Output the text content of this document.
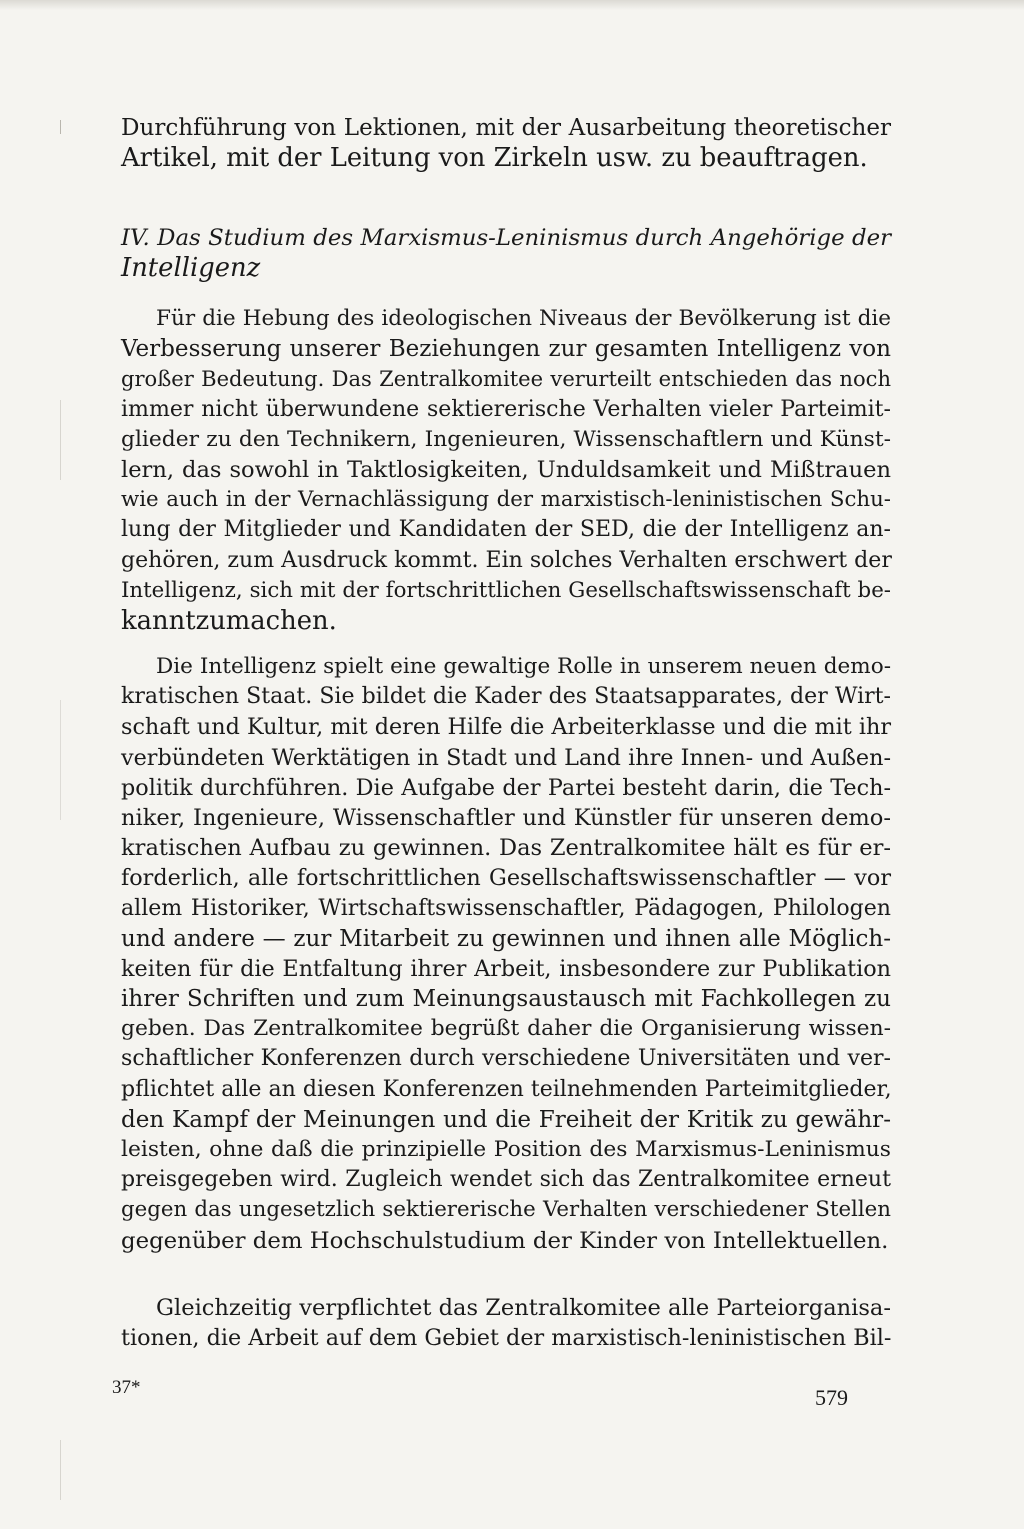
Durchführung von Lektionen, mit der Ausarbeitung theoretischer
Artikel, mit der Leitung von Zirkeln usw. zu beauftragen.
IV. Das Studium des Marxismus-Leninismus durch Angehörige der
Intelligenz
Für die Hebung des ideologischen Niveaus der Bevölkerung ist die
Verbesserung unserer Beziehungen zur gesamten Intelligenz von
großer Bedeutung. Das Zentralkomitee verurteilt entschieden das noch
immer nicht überwundene sektiererische Verhalten vieler Parteimit-
glieder zu den Technikern, Ingenieuren, Wissenschaftlern und Künst-
lern, das sowohl in Taktlosigkeiten, Unduldsamkeit und Mißtrauen
wie auch in der Vernachlässigung der marxistisch-leninistischen Schu-
lung der Mitglieder und Kandidaten der SED, die der Intelligenz an-
gehören, zum Ausdruck kommt. Ein solches Verhalten erschwert der
Intelligenz, sich mit der fortschrittlichen Gesellschaftswissenschaft be-
kanntzumachen.
Die Intelligenz spielt eine gewaltige Rolle in unserem neuen demo-
kratischen Staat. Sie bildet die Kader des Staatsapparates, der Wirt-
schaft und Kultur, mit deren Hilfe die Arbeiterklasse und die mit ihr
verbündeten Werktätigen in Stadt und Land ihre Innen- und Außen-
politik durchführen. Die Aufgabe der Partei besteht darin, die Tech-
niker, Ingenieure, Wissenschaftler und Künstler für unseren demo-
kratischen Aufbau zu gewinnen. Das Zentralkomitee hält es für er-
forderlich, alle fortschrittlichen Gesellschaftswissenschaftler — vor
allem Historiker, Wirtschaftswissenschaftler, Pädagogen, Philologen
und andere — zur Mitarbeit zu gewinnen und ihnen alle Möglich-
keiten für die Entfaltung ihrer Arbeit, insbesondere zur Publikation
ihrer Schriften und zum Meinungsaustausch mit Fachkollegen zu
geben. Das Zentralkomitee begrüßt daher die Organisierung wissen-
schaftlicher Konferenzen durch verschiedene Universitäten und ver-
pflichtet alle an diesen Konferenzen teilnehmenden Parteimitglieder,
den Kampf der Meinungen und die Freiheit der Kritik zu gewähr-
leisten, ohne daß die prinzipielle Position des Marxismus-Leninismus
preisgegeben wird. Zugleich wendet sich das Zentralkomitee erneut
gegen das ungesetzlich sektiererische Verhalten verschiedener Stellen
gegenüber dem Hochschulstudium der Kinder von Intellektuellen.
Gleichzeitig verpflichtet das Zentralkomitee alle Parteiorganisa-
tionen, die Arbeit auf dem Gebiet der marxistisch-leninistischen Bil-
37*	579
